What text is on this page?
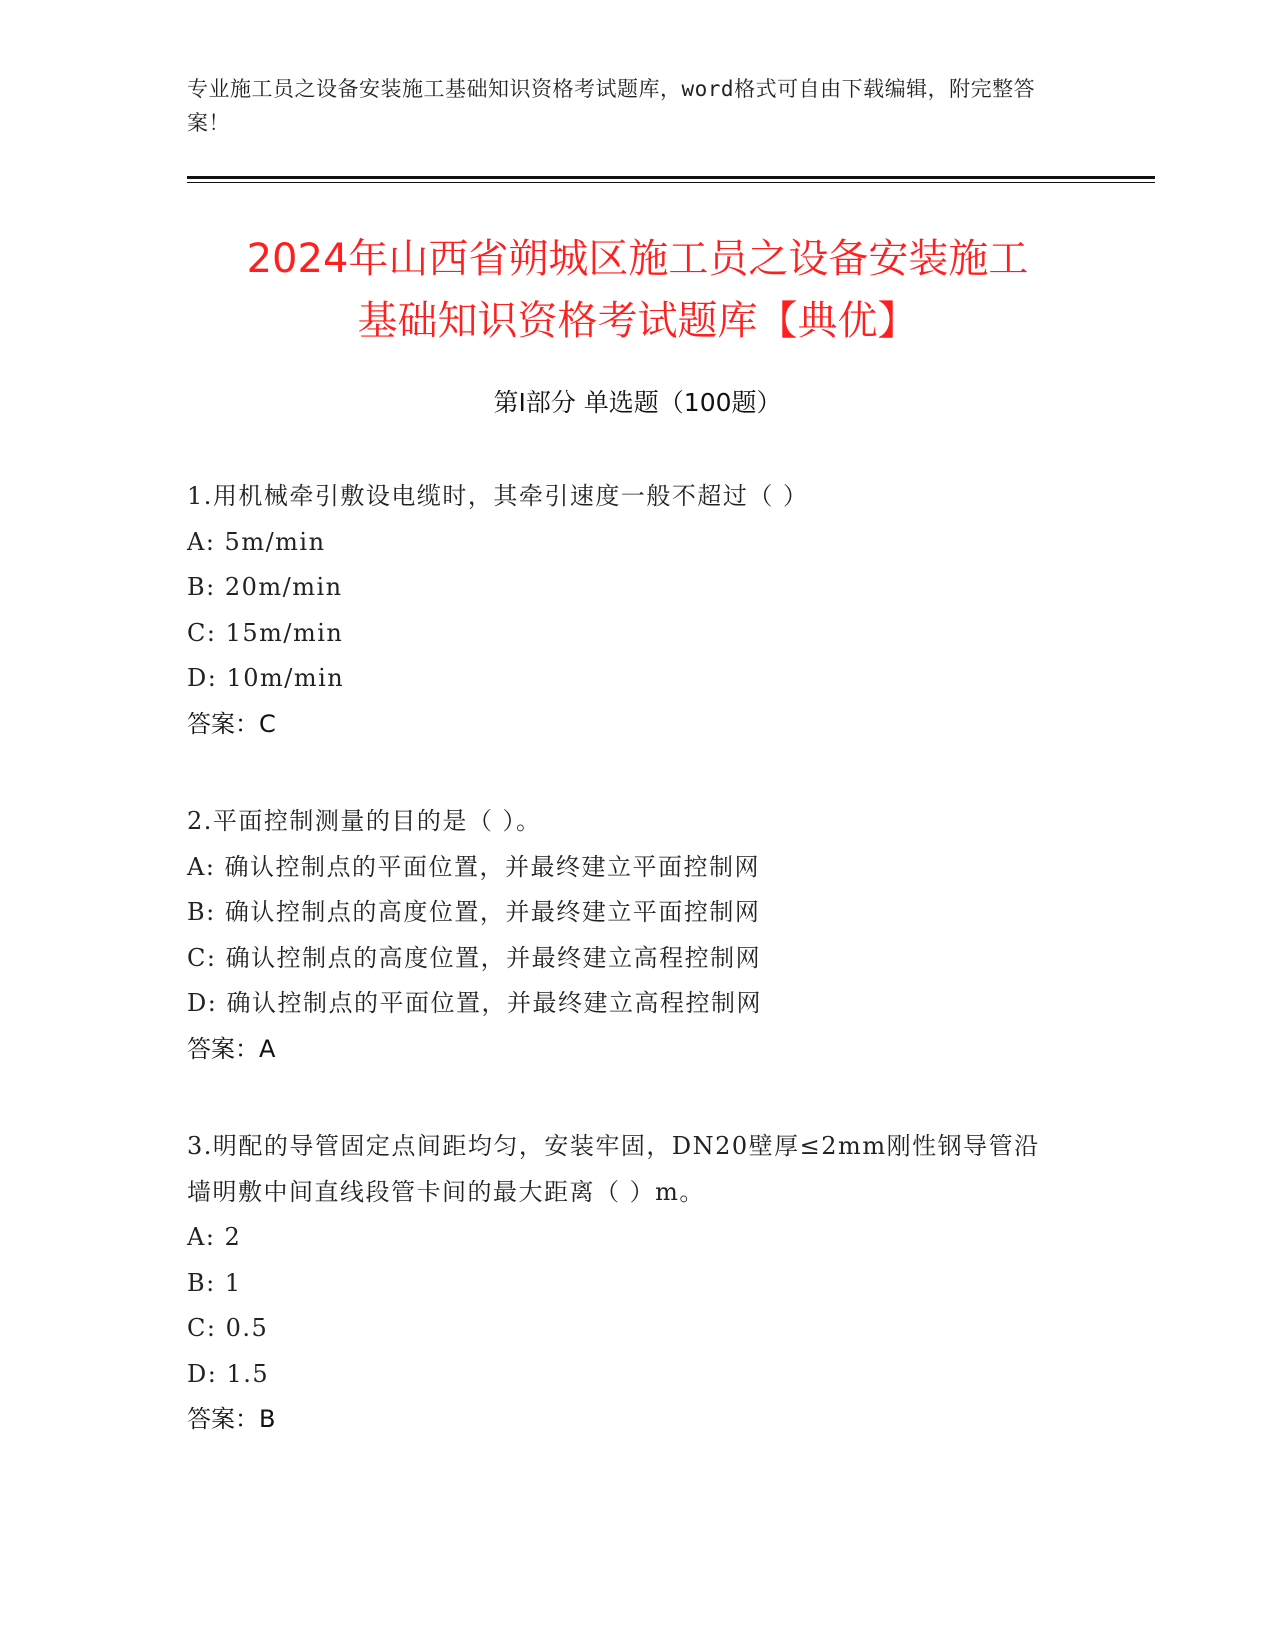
专业施工员之设备安装施工基础知识资格考试题库，word格式可自由下载编辑，附完整答案！
2024年山西省朔城区施工员之设备安装施工
基础知识资格考试题库【典优】
第Ⅰ部分 单选题（100题）
1.用机械牵引敷设电缆时，其牵引速度一般不超过（ ）
A: 5m/min
B: 20m/min
C: 15m/min
D: 10m/min
答案：C
2.平面控制测量的目的是（ ）。
A: 确认控制点的平面位置，并最终建立平面控制网
B: 确认控制点的高度位置，并最终建立平面控制网
C: 确认控制点的高度位置，并最终建立高程控制网
D: 确认控制点的平面位置，并最终建立高程控制网
答案：A
3.明配的导管固定点间距均匀，安装牢固，DN20壁厚≤2mm刚性钢导管沿墙明敷中间直线段管卡间的最大距离（ ）m。
A: 2
B: 1
C: 0.5
D: 1.5
答案：B
